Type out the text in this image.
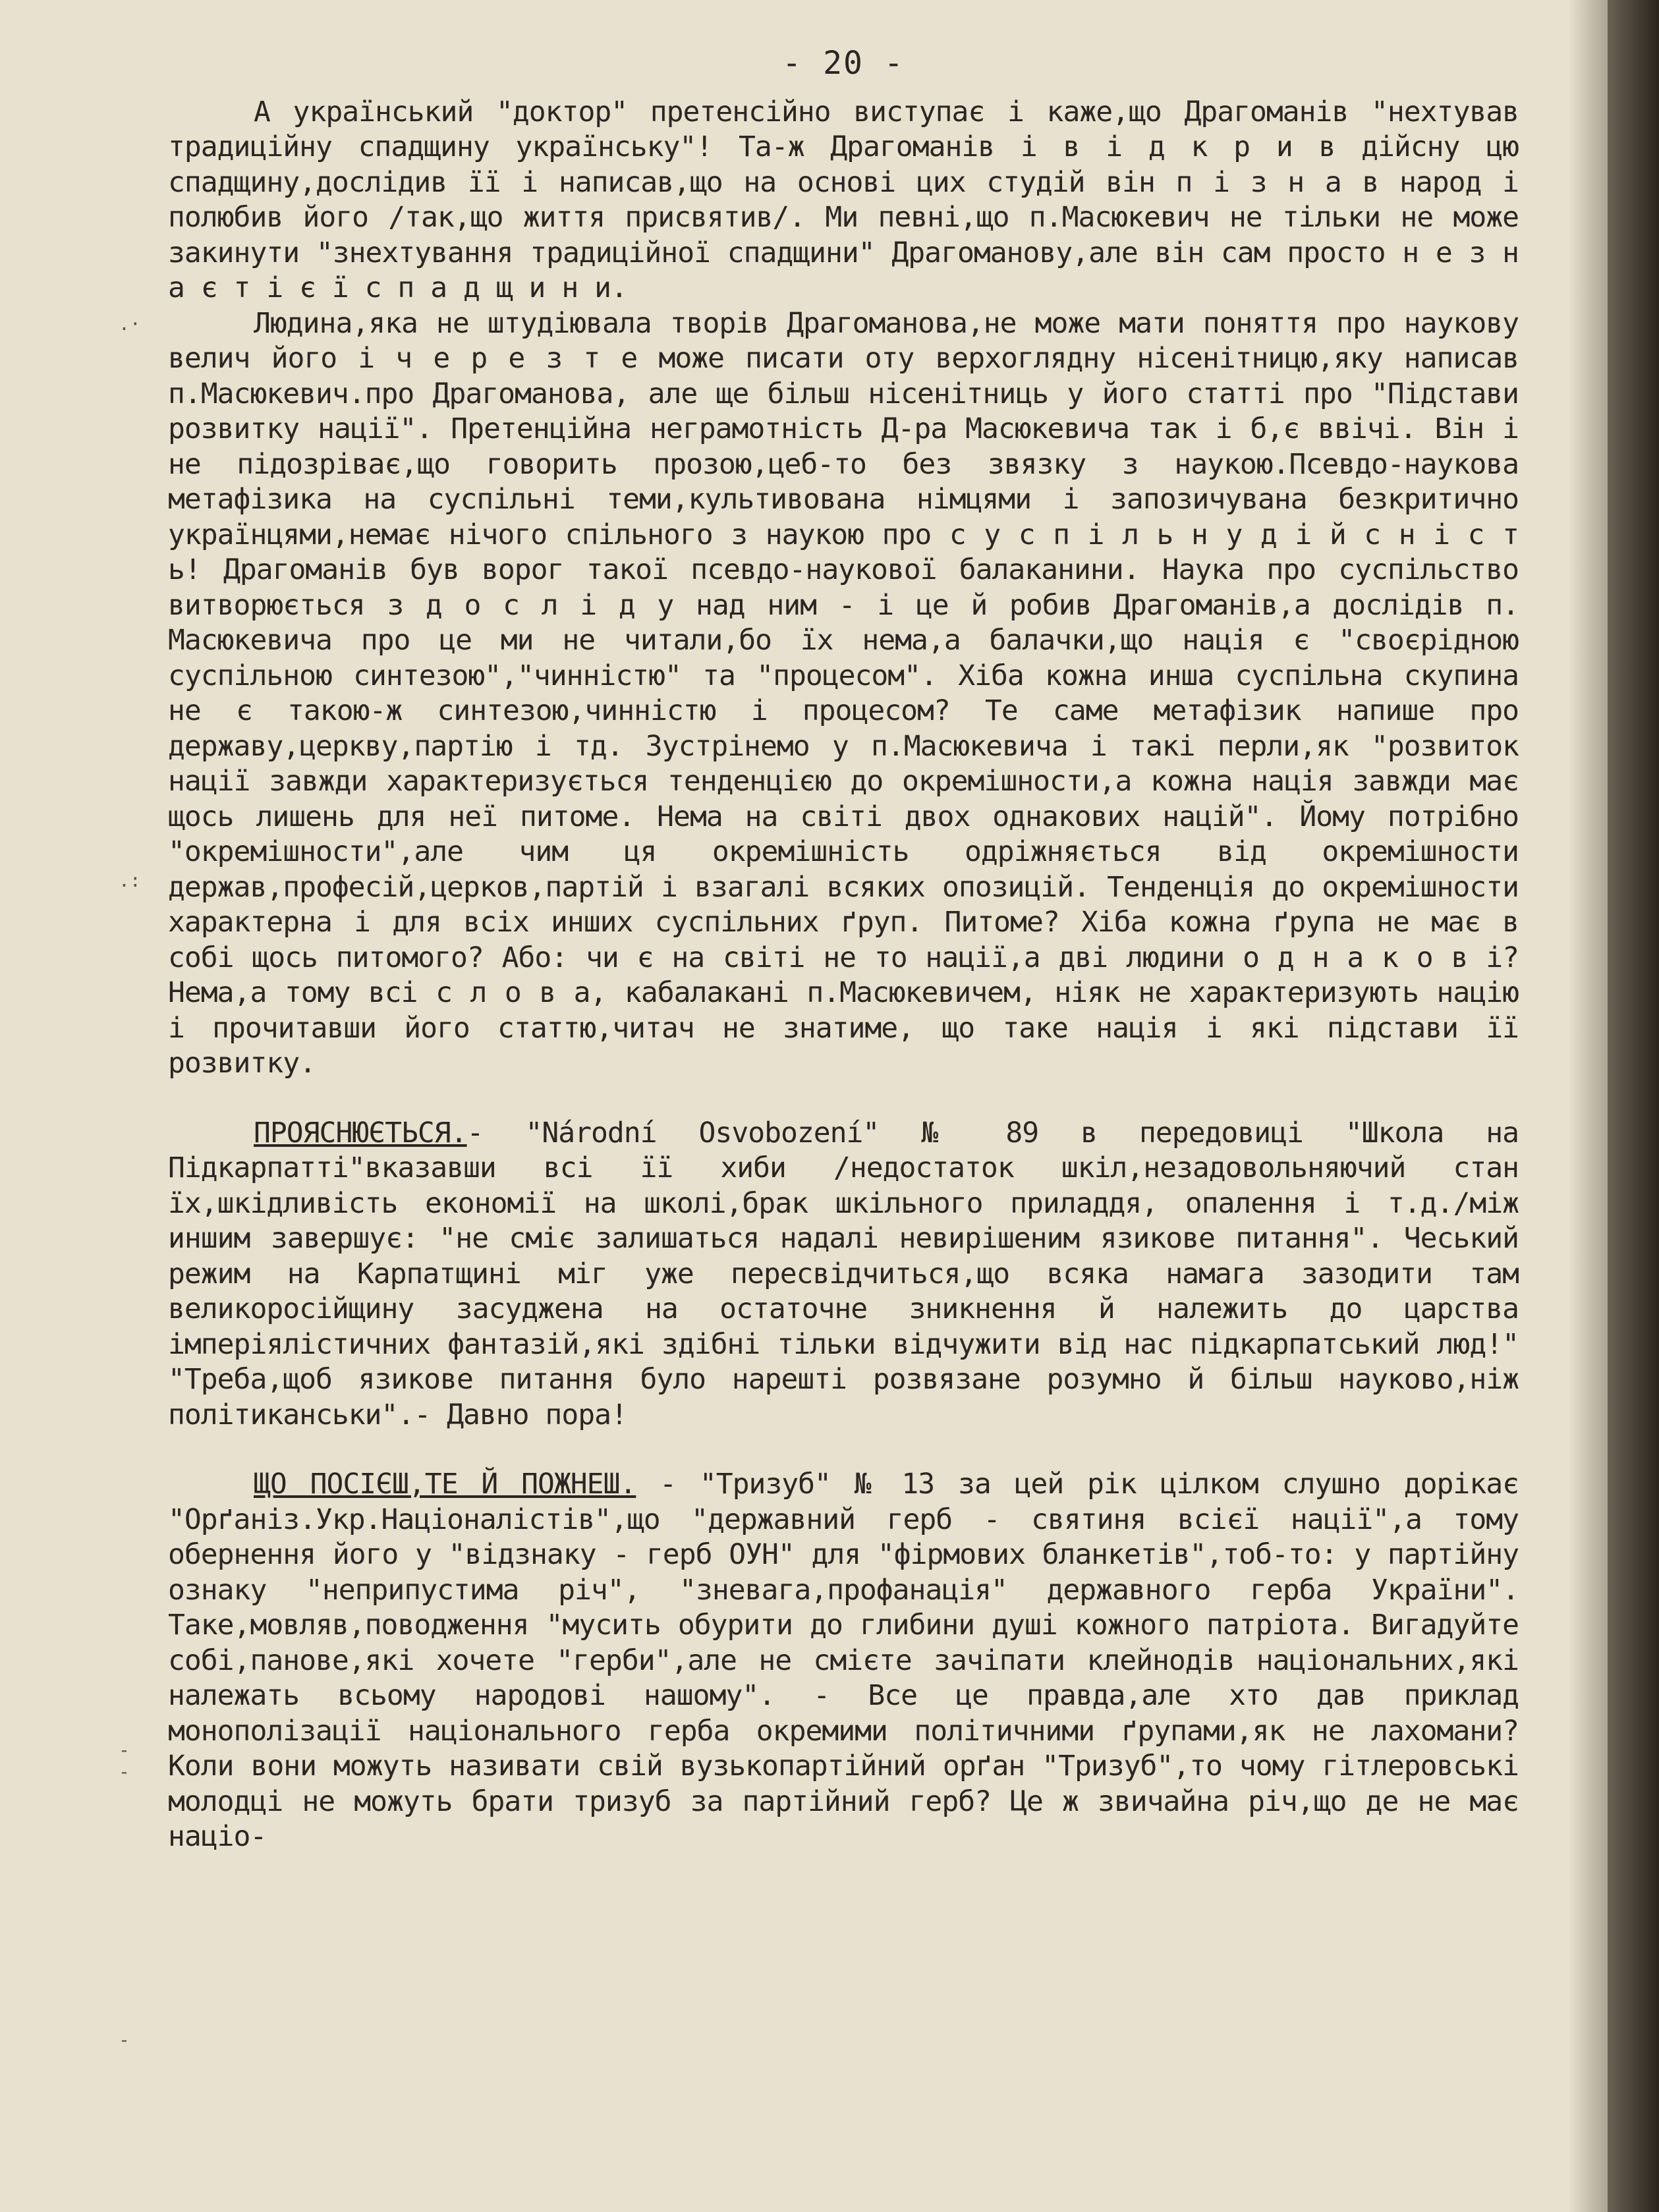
.·
.:
- -
-
- 20 -

А український "доктор" претенсійно виступає і каже,що Драгоманів "нехтував традиційну спадщину українську"! Та-ж Драгоманів і в і д к р и в дійсну цю спадщину,дослідив її і написав,що на основі цих студій він п і з н а в народ і полюбив його /так,що життя присвятив/. Ми певні,що п.Масюкевич не тільки не може закинути "знехтування традиційної спадщини" Драгоманову,але він сам просто н е з н а є т і є ї с п а д щ и н и.

Людина,яка не штудіювала творів Драгоманова,не може мати поняття про наукову велич його і ч е р е з т е може писати оту верхоглядну нісенітницю,яку написав п.Масюкевич.про Драгоманова, але ще більш нісенітниць у його статті про "Підстави розвитку нації". Претенційна неграмотність Д-ра Масюкевича так і б,є ввічі. Він і не підозріває,що говорить прозою,цеб-то без звязку з наукою.Псевдо-наукова метафізика на суспільні теми,культивована німцями і запозичувана безкритично українцями,немає нічого спільного з наукою про с у с п і л ь н у д і й с н і с т ь! Драгоманів був ворог такої псевдо-наукової балаканини. Наука про суспільство витворюється з д о с л і д у над ним - і це й робив Драгоманів,а дослідів п. Масюкевича про це ми не читали,бо їх нема,а балачки,що нація є "своєрідною суспільною синтезою","чинністю" та "процесом". Хіба кожна инша суспільна скупина не є такою-ж синтезою,чинністю і процесом? Те саме метафізик напише про державу,церкву,партію і тд. Зустрінемо у п.Масюкевича і такі перли,як "розвиток нації завжди характеризується тенденцією до окремішности,а кожна нація завжди має щось лишень для неї питоме. Нема на світі двох однакових націй". Йому потрібно "окремішности",але чим ця окремішність одріжняється від окремішности держав,професій,церков,партій і взагалі всяких опозицій. Тенденція до окремішности характерна і для всіх инших суспільних ґруп. Питоме? Хіба кожна ґрупа не має в собі щось питомого? Або: чи є на світі не то нації,а дві людини о д н а к о в і? Нема,а тому всі с л о в а, кабалакані п.Масюкевичем, ніяк не характеризують націю і прочитавши його статтю,читач не знатиме, що таке нація і які підстави її розвитку.

ПРОЯСНЮЄТЬСЯ.- "Národní Osvobození" № 89 в передовиці "Школа на Підкарпатті"вказавши всі її хиби /недостаток шкіл,незадовольняючий стан їх,шкідливість економії на школі,брак шкільного приладдя, опалення і т.д./між иншим завершує: "не сміє залишаться надалі невирішеним язикове питання". Чеський режим на Карпатщині міг уже пересвідчиться,що всяка намага зазодити там великоросійщину засуджена на остаточне зникнення й належить до царства імперіялістичних фантазій,які здібні тільки відчужити від нас підкарпатський люд!" "Треба,щоб язикове питання було нарешті розвязане розумно й більш науково,ніж політиканськи".- Давно пора!

ЩО ПОСІЄШ,ТЕ Й ПОЖНЕШ. - "Тризуб" № 13 за цей рік цілком слушно дорікає "Орґаніз.Укр.Націоналістів",що "державний герб - святиня всієї нації",а тому обернення його у "відзнаку - герб ОУН" для "фірмових бланкетів",тоб-то: у партійну ознаку "неприпустима річ", "зневага,профанація" державного герба України". Таке,мовляв,поводження "мусить обурити до глибини душі кожного патріота. Вигадуйте собі,панове,які хочете "герби",але не смієте зачіпати клейнодів національних,які належать всьому народові нашому". - Все це правда,але хто дав приклад монополізації національного герба окремими політичними ґрупами,як не лахомани? Коли вони можуть називати свій вузькопартійний орґан "Тризуб",то чому гітлеровські молодці не можуть брати тризуб за партійний герб? Це ж звичайна річ,що де не має націо-
